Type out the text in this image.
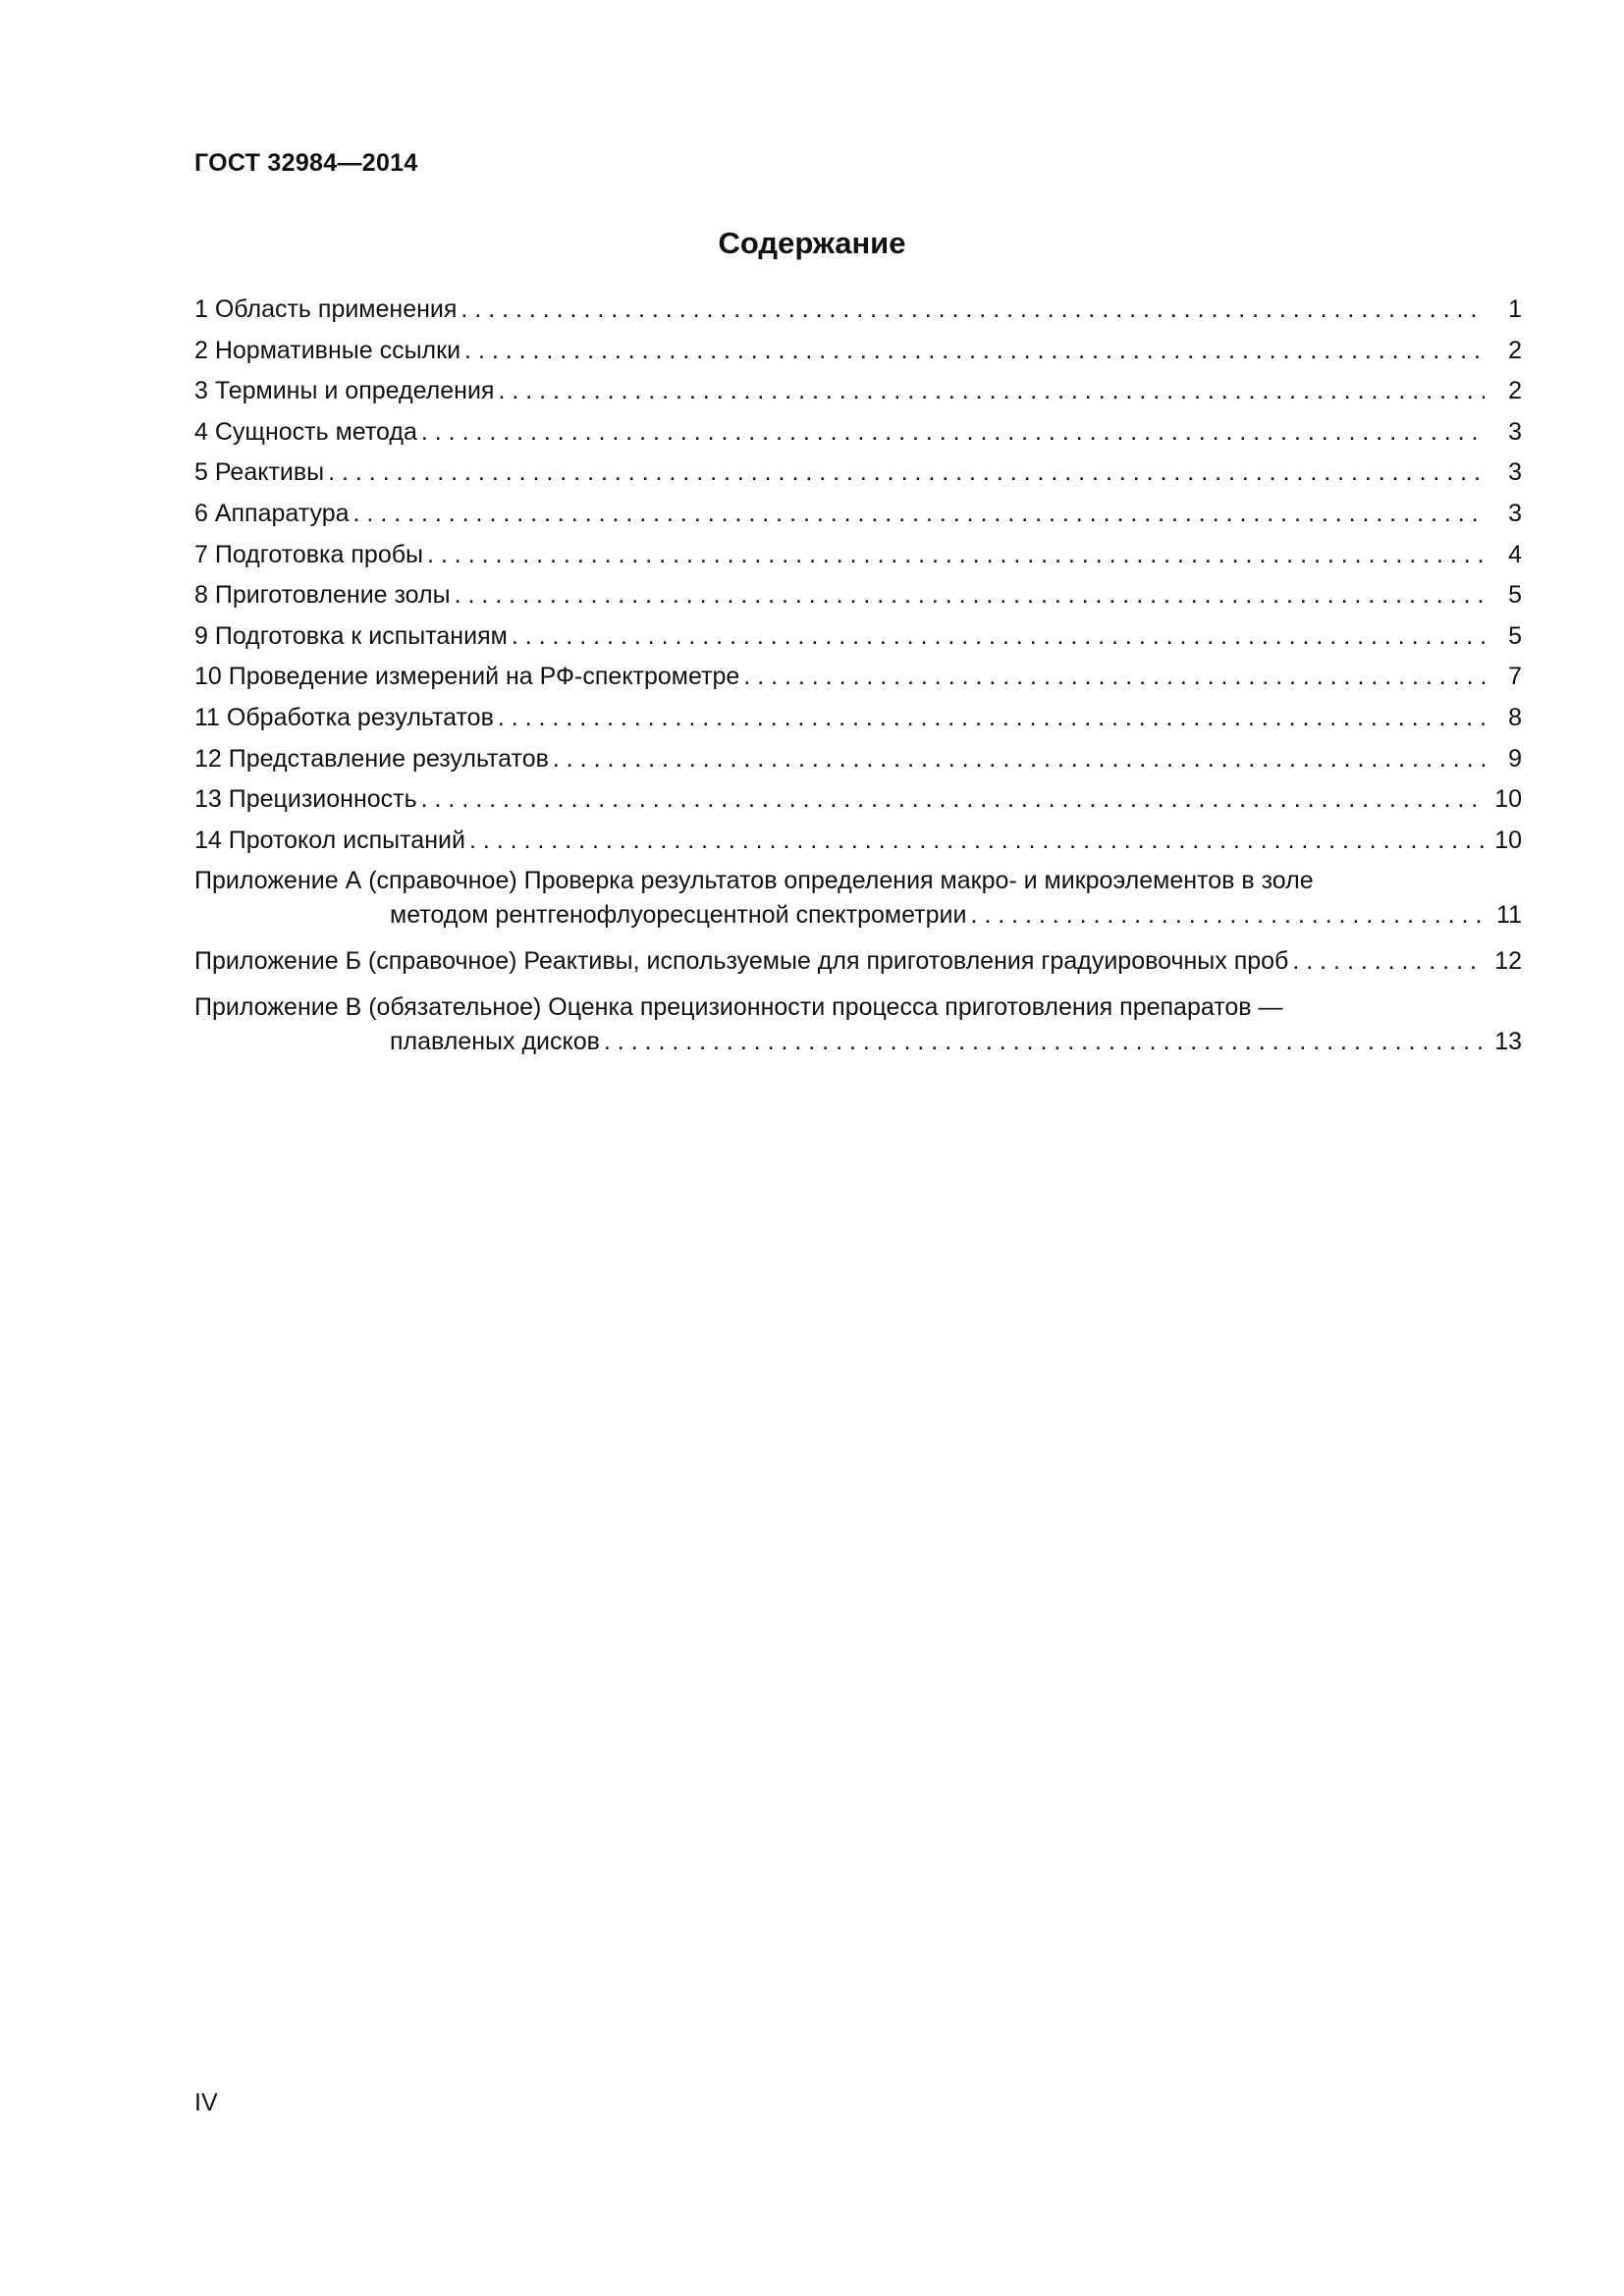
ГОСТ 32984—2014
Содержание
1 Область применения . . .	1
2 Нормативные ссылки . . .	2
3 Термины и определения . . .	2
4 Сущность метода . . .	3
5 Реактивы . . .	3
6 Аппаратура . . .	3
7 Подготовка пробы . . .	4
8 Приготовление золы . . .	5
9 Подготовка к испытаниям . . .	5
10 Проведение измерений на РФ-спектрометре . . .	7
11 Обработка результатов . . .	8
12 Представление результатов . . .	9
13 Прецизионность . . .	10
14 Протокол испытаний . . .	10
Приложение А (справочное) Проверка результатов определения макро- и микроэлементов в золе
методом рентгенофлуоресцентной спектрометрии . . .	11
Приложение Б (справочное) Реактивы, используемые для приготовления градуировочных проб . . .	12
Приложение В (обязательное) Оценка прецизионности процесса приготовления препаратов —
плавленых дисков . . .	13
IV
